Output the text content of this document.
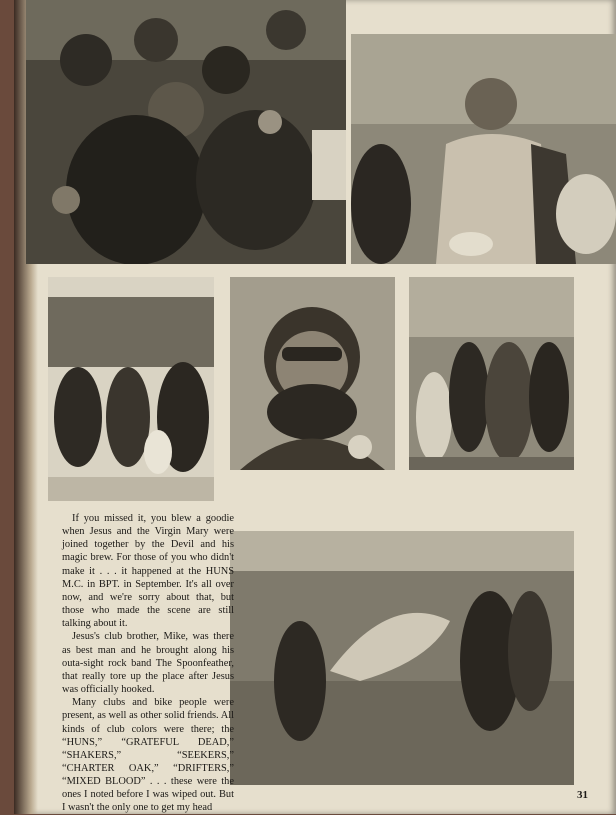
If you missed it, you blew a goodie when Jesus and the Virgin Mary were joined together by the Devil and his magic brew. For those of you who didn't make it . . . it happened at the HUNS M.C. in BPT. in September. It's all over now, and we're sorry about that, but those who made the scene are still talking about it.

Jesus's club brother, Mike, was there as best man and he brought along his outa-sight rock band The Spoonfeather, that really tore up the place after Jesus was officially hooked.

Many clubs and bike people were present, as well as other solid friends. All kinds of club colors were there; the “HUNS,” “GRATEFUL DEAD,” “SHAKERS,” “SEEKERS,” “CHARTER OAK,” “DRIFTERS,” “MIXED BLOOD” . . . these were the ones I noted before I was wiped out. But I wasn't the only one to get my head

31
